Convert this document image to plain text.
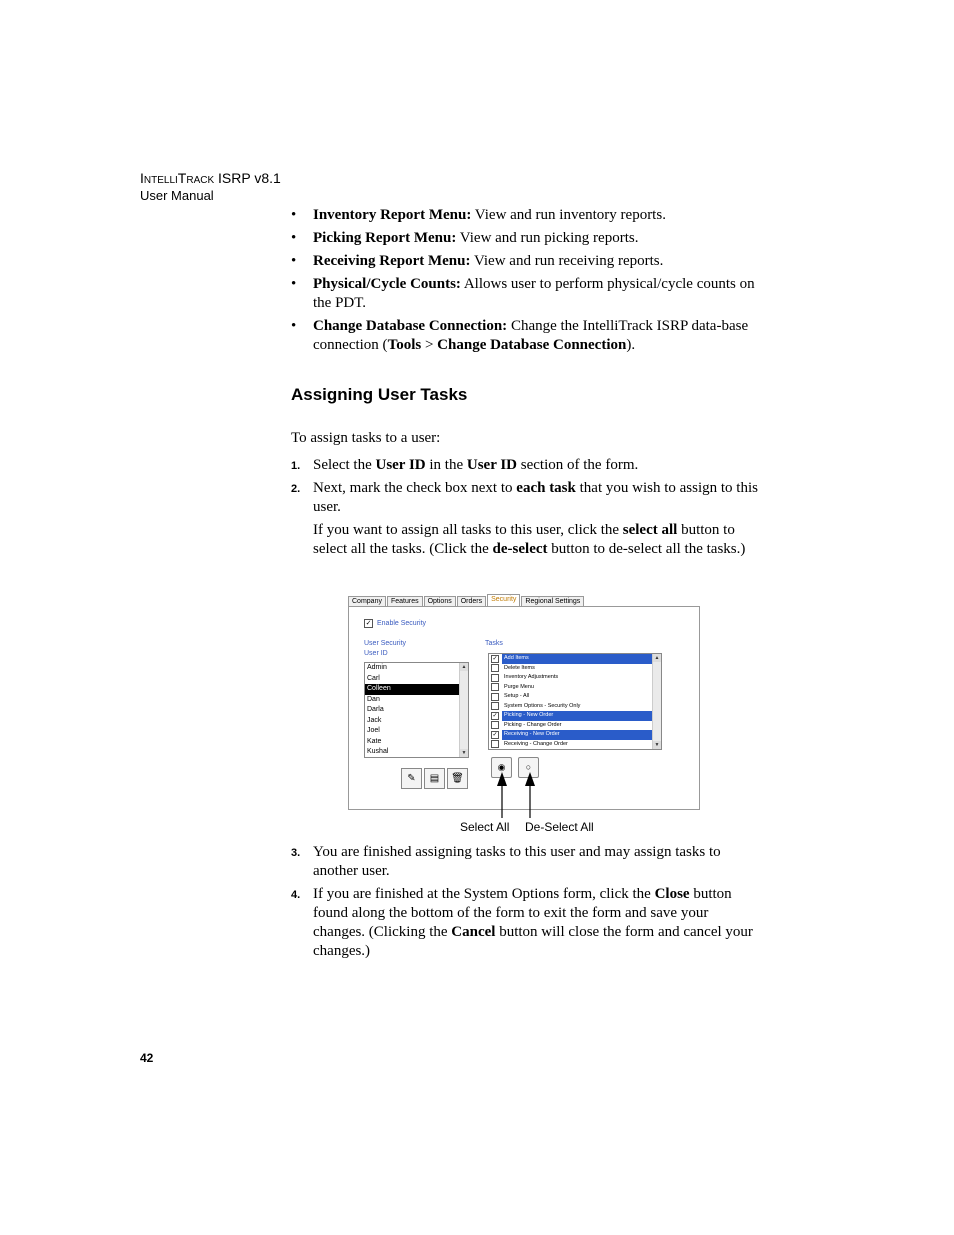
IntelliTrack ISRP v8.1
User Manual
• Inventory Report Menu: View and run inventory reports.
• Picking Report Menu: View and run picking reports.
• Receiving Report Menu: View and run receiving reports.
• Physical/Cycle Counts: Allows user to perform physical/cycle counts on the PDT.
• Change Database Connection: Change the IntelliTrack ISRP data-base connection (Tools > Change Database Connection).
Assigning User Tasks

To assign tasks to a user:

1. Select the User ID in the User ID section of the form.

2. Next, mark the check box next to each task that you wish to assign to this user.

If you want to assign all tasks to this user, click the select all button to select all the tasks. (Click the de-select button to de-select all the tasks.)

Company	Features	Options	Orders	Security	Regional Settings
✓ Enable Security
User Security
User ID
Tasks
Admin
Carl
Colleen
Dan
Darla
Jack
Joel
Kate
Kushal
▲
▼
✓	Add Items
Delete Items
Inventory Adjustments
Purge Menu
Setup - All
System Options - Security Only
✓	Picking - New Order
Picking - Change Order
✓	Receiving - New Order
Receiving - Change Order
▲
▼
✎	▤	🗑
◉	○
Select All De-Select All
3. You are finished assigning tasks to this user and may assign tasks to another user.

4. If you are finished at the System Options form, click the Close button found along the bottom of the form to exit the form and save your changes. (Clicking the Cancel button will close the form and cancel your changes.)

42
